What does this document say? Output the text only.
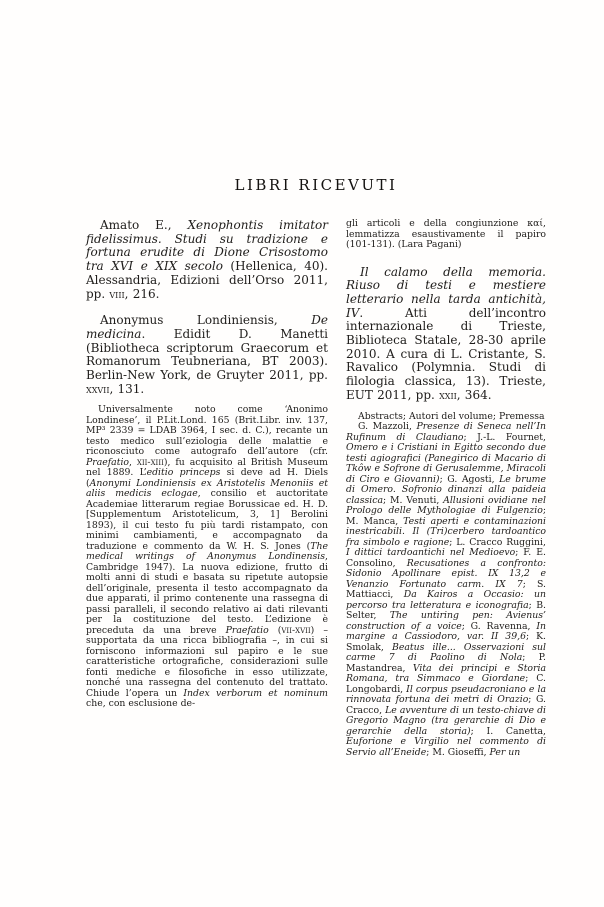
LIBRI RICEVUTI

Amato E., Xenophontis imitator fidelissimus. Studi su tradizione e fortuna erudite di Dione Crisostomo tra XVI e XIX secolo (Hellenica, 40). Alessandria, Edizioni dell’Orso 2011, pp. viii, 216.

Anonymus Londiniensis, De medicina. Edidit D. Manetti (Bibliotheca scriptorum Graecorum et Romanorum Teubneriana, BT 2003). Berlin-New York, de Gruyter 2011, pp. xxvii, 131.

Universalmente noto come ‘Anonimo Londinese’, il P.Lit.Lond. 165 (Brit.Libr. inv. 137, MP³ 2339 = LDAB 3964, I sec. d. C.), recante un testo medico sull’eziologia delle malattie e riconosciuto come autografo dell’autore (cfr. Praefatio, xii-xiii), fu acquisito al British Museum nel 1889. L’editio princeps si deve ad H. Diels (Anonymi Londiniensis ex Aristotelis Menoniis et aliis medicis eclogae, consilio et auctoritate Academiae litterarum regiae Borussicae ed. H. D. [Supplementum Aristotelicum, 3, 1] Berolini 1893), il cui testo fu più tardi ristampato, con minimi cambiamenti, e accompagnato da traduzione e commento da W. H. S. Jones (The medical writings of Anonymus Londinensis, Cambridge 1947). La nuova edizione, frutto di molti anni di studi e basata su ripetute autopsie dell’originale, presenta il testo accompagnato da due apparati, il primo contenente una rassegna di passi paralleli, il secondo relativo ai dati rilevanti per la costituzione del testo. L’edizione è preceduta da una breve Praefatio (vii-xvii) – supportata da una ricca bibliografia –, in cui si forniscono informazioni sul papiro e le sue caratteristiche ortografiche, considerazioni sulle fonti mediche e filosofiche in esso utilizzate, nonché una rassegna del contenuto del trattato. Chiude l’opera un Index verborum et nominum che, con esclusione de-

gli articoli e della congiunzione καί, lemmatizza esaustivamente il papiro (101-131). (Lara Pagani)

Il calamo della memoria. Riuso di testi e mestiere letterario nella tarda antichità, IV. Atti dell’incontro internazionale di Trieste, Biblioteca Statale, 28-30 aprile 2010. A cura di L. Cristante, S. Ravalico (Polymnia. Studi di filologia classica, 13). Trieste, EUT 2011, pp. xxii, 364.

Abstracts; Autori del volume; Premessa

G. Mazzoli, Presenze di Seneca nell’In Rufinum di Claudiano; J.-L. Fournet, Omero e i Cristiani in Egitto secondo due testi agiografici (Panegirico di Macario di Tkôw e Sofrone di Gerusalemme, Miracoli di Ciro e Giovanni); G. Agosti, Le brume di Omero. Sofronio dinanzi alla paideia classica; M. Venuti, Allusioni ovidiane nel Prologo delle Mythologiae di Fulgenzio; M. Manca, Testi aperti e contaminazioni inestricabili. Il (Tri)cerbero tardoantico fra simbolo e ragione; L. Cracco Ruggini, I dittici tardoantichi nel Medioevo; F. E. Consolino, Recusationes a confronto: Sidonio Apollinare epist. IX 13,2 e Venanzio Fortunato carm. IX 7; S. Mattiacci, Da Kairos a Occasio: un percorso tra letteratura e iconografia; B. Selter, The untiring pen: Avienus’ construction of a voice; G. Ravenna, In margine a Cassiodoro, var. II 39,6; K. Smolak, Beatus ille... Osservazioni sul carme 7 di Paolino di Nola; P. Mastandrea, Vita dei principi e Storia Romana, tra Simmaco e Giordane; C. Longobardi, Il corpus pseudacroniano e la rinnovata fortuna dei metri di Orazio; G. Cracco, Le avventure di un testo-chiave di Gregorio Magno (tra gerarchie di Dio e gerarchie della storia); I. Canetta, Euforione e Virgilio nel commento di Servio all’Eneide; M. Gioseffi, Per un
